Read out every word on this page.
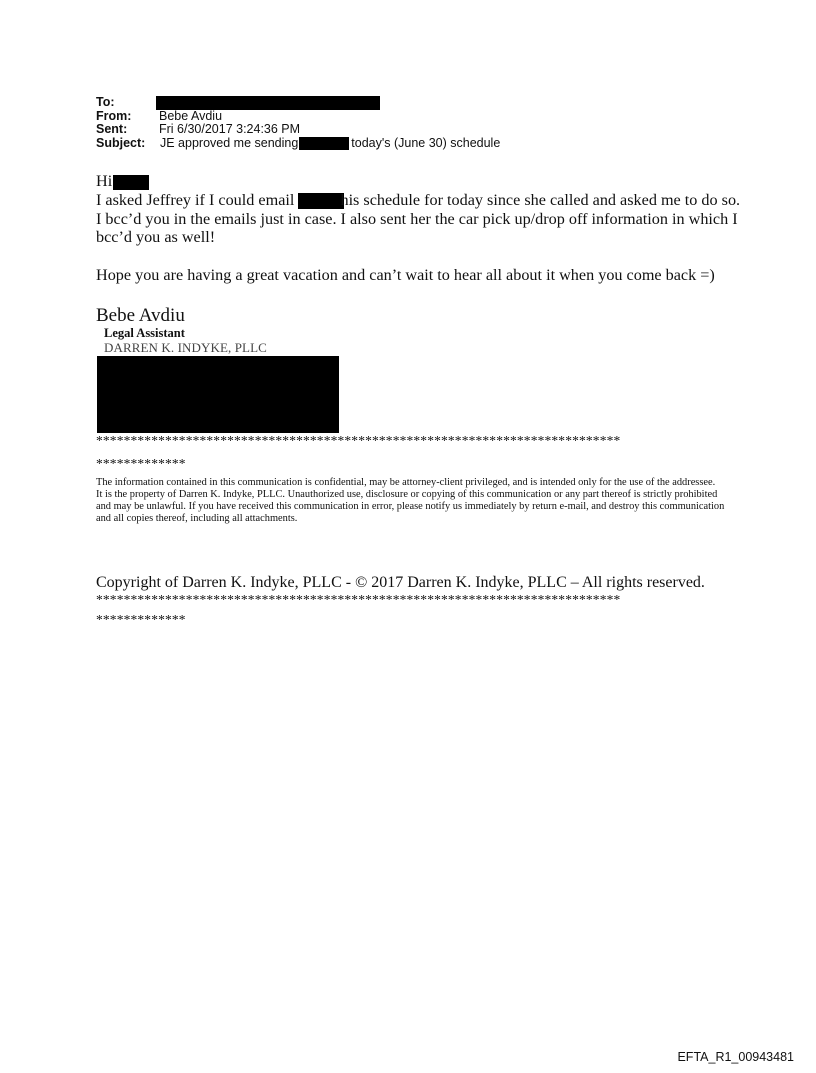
To:
From:	Bebe Avdiu
Sent:	Fri 6/30/2017 3:24:36 PM
Subject:	JE approved me sending	today's (June 30) schedule
Hi
I asked Jeffrey if I could email	his schedule for today since she called and asked me to do so. I bcc’d you in the emails just in case. I also sent her the car pick up/drop off information in which I bcc’d you as well!
Hope you are having a great vacation and can’t wait to hear all about it when you come back =)
Bebe Avdiu
Legal Assistant
DARREN K. INDYKE, PLLC
****************************************************************************
*************

The information contained in this communication is confidential, may be attorney-client privileged, and is intended only for the use of the addressee.

It is the property of Darren K. Indyke, PLLC. Unauthorized use, disclosure or copying of this communication or any part thereof is strictly prohibited

and may be unlawful. If you have received this communication in error, please notify us immediately by return e-mail, and destroy this communication

and all copies thereof, including all attachments.

Copyright of Darren K. Indyke, PLLC - © 2017 Darren K. Indyke, PLLC – All rights reserved.
****************************************************************************
*************
EFTA_R1_00943481
